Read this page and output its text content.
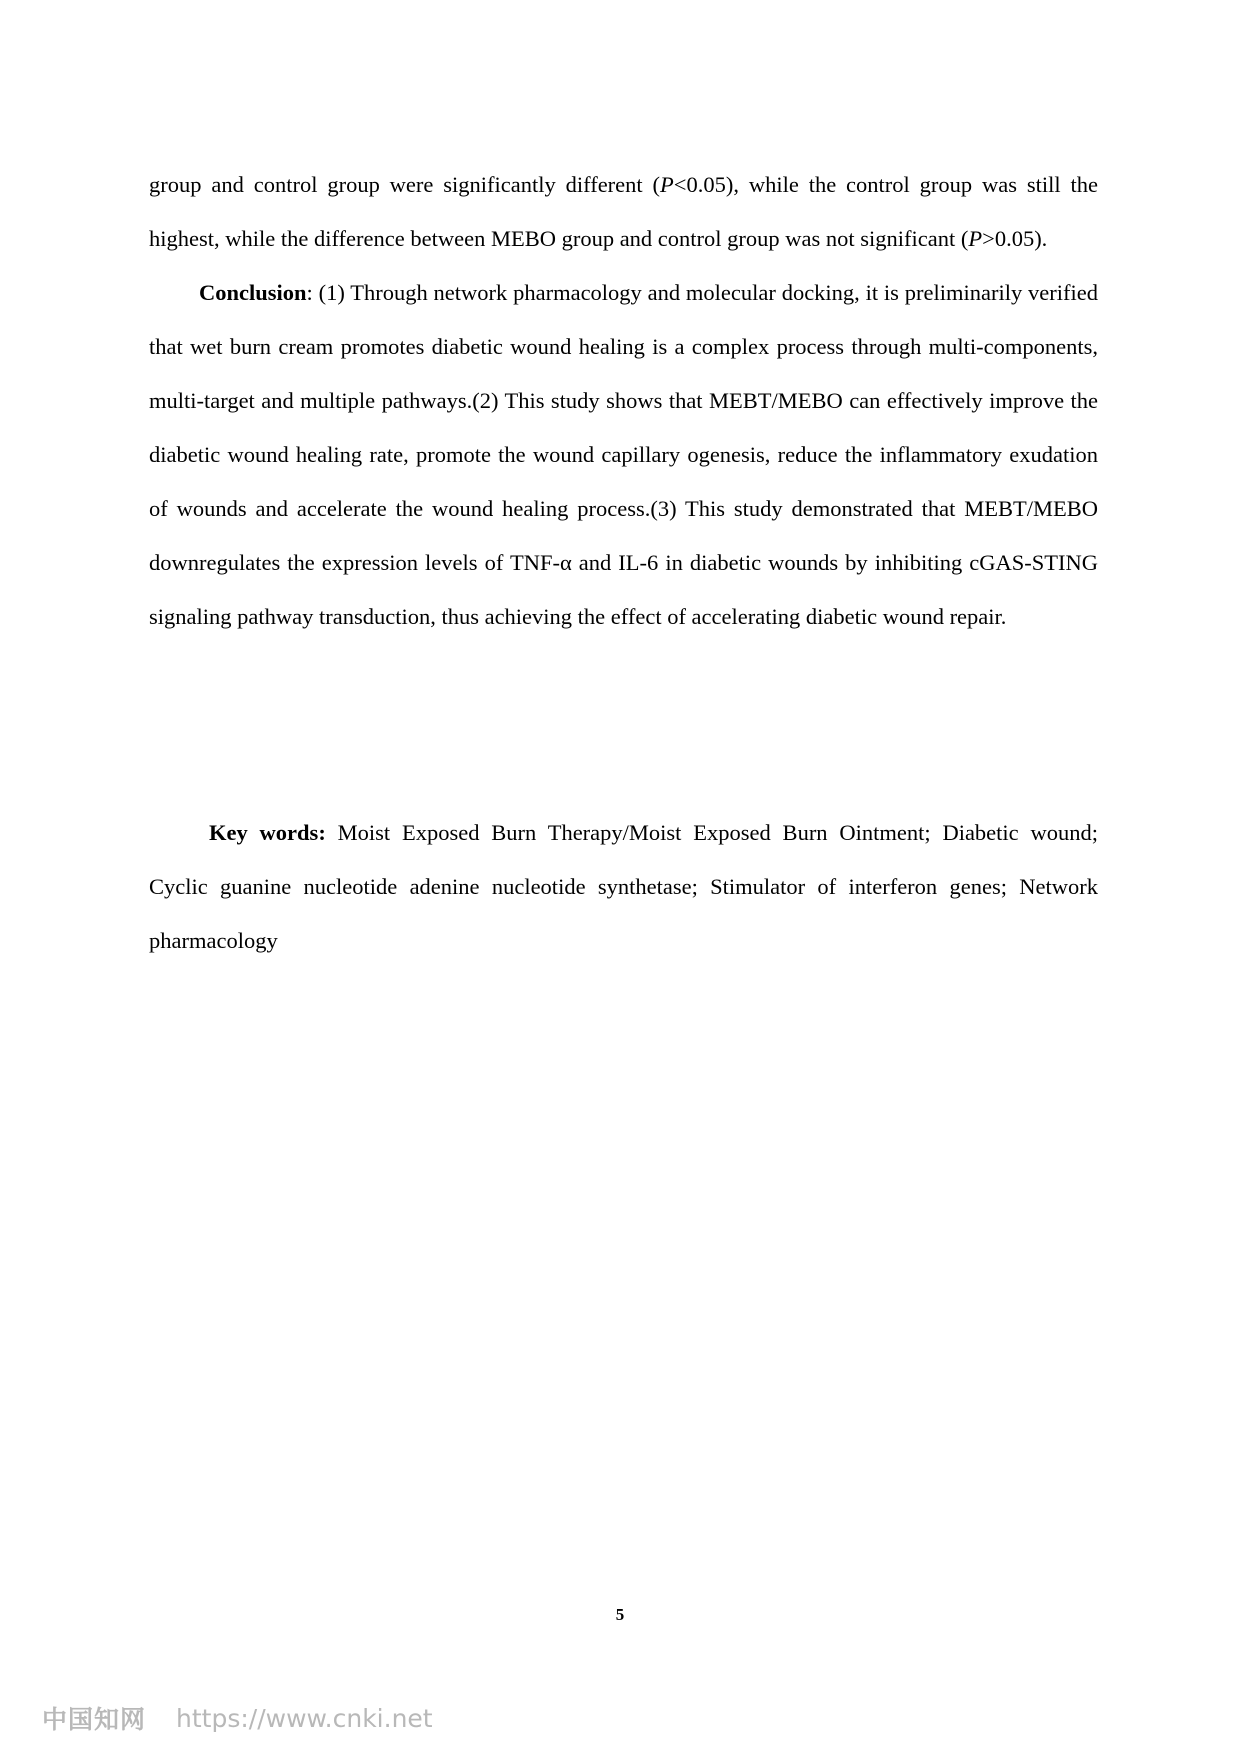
group and control group were significantly different (P<0.05), while the control group was still the highest, while the difference between MEBO group and control group was not significant (P>0.05).

Conclusion: (1) Through network pharmacology and molecular docking, it is preliminarily verified that wet burn cream promotes diabetic wound healing is a complex process through multi-components, multi-target and multiple pathways.(2) This study shows that MEBT/MEBO can effectively improve the diabetic wound healing rate, promote the wound capillary ogenesis, reduce the inflammatory exudation of wounds and accelerate the wound healing process.(3) This study demonstrated that MEBT/MEBO downregulates the expression levels of TNF-α and IL-6 in diabetic wounds by inhibiting cGAS-STING signaling pathway transduction, thus achieving the effect of accelerating diabetic wound repair.

Key words: Moist Exposed Burn Therapy/Moist Exposed Burn Ointment; Diabetic wound; Cyclic guanine nucleotide adenine nucleotide synthetase; Stimulator of interferon genes; Network pharmacology

5
中国知网 https://www.cnki.net
